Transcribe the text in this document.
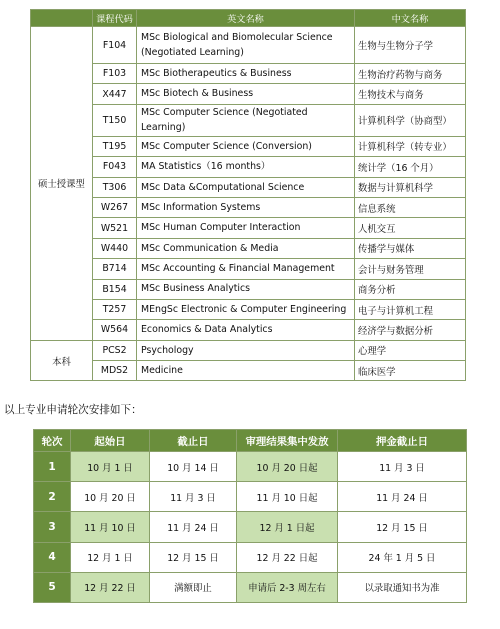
	课程代码	英文名称	中文名称
硕士授课型	F104	MSc Biological and Biomolecular Science (Negotiated Learning)	生物与生物分子学
	F103	MSc Biotherapeutics & Business	生物治疗药物与商务
	X447	MSc Biotech & Business	生物技术与商务
	T150	MSc Computer Science (Negotiated Learning)	计算机科学（协商型）
	T195	MSc Computer Science (Conversion)	计算机科学（转专业）
	F043	MA Statistics（16 months）	统计学（16 个月）
	T306	MSc Data &Computational Science	数据与计算机科学
	W267	MSc Information Systems	信息系统
	W521	MSc Human Computer Interaction	人机交互
	W440	MSc Communication & Media	传播学与媒体
	B714	MSc Accounting & Financial Management	会计与财务管理
	B154	MSc Business Analytics	商务分析
	T257	MEngSc Electronic & Computer Engineering	电子与计算机工程
	W564	Economics & Data Analytics	经济学与数据分析
本科	PCS2	Psychology	心理学
	MDS2	Medicine	临床医学
以上专业申请轮次安排如下：
轮次	起始日	截止日	审理结果集中发放	押金截止日
1	10 月 1 日	10 月 14 日	10 月 20 日起	11 月 3 日
2	10 月 20 日	11 月 3 日	11 月 10 日起	11 月 24 日
3	11 月 10 日	11 月 24 日	12 月 1 日起	12 月 15 日
4	12 月 1 日	12 月 15 日	12 月 22 日起	24 年 1 月 5 日
5	12 月 22 日	满额即止	申请后 2-3 周左右	以录取通知书为准
